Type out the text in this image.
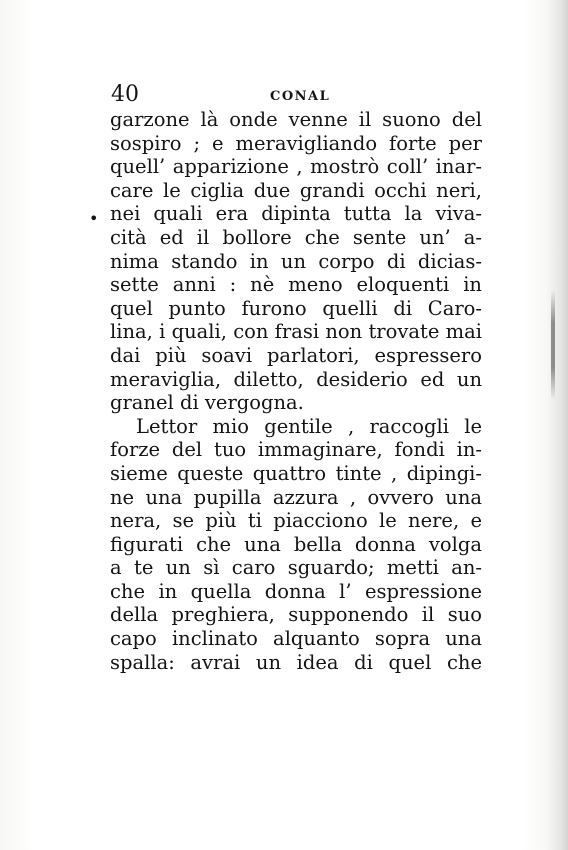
40	CONAL
•
garzone là onde venne il suono del
sospiro ; e meravigliando forte per
quell’ apparizione , mostrò coll’ inar-
care le ciglia due grandi occhi neri,
nei quali era dipinta tutta la viva-
cità ed il bollore che sente un’ a-
nima stando in un corpo di dicias-
sette anni : nè meno eloquenti in
quel punto furono quelli di Caro-
lina, i quali, con frasi non trovate mai
dai più soavi parlatori, espressero
meraviglia, diletto, desiderio ed un
granel di vergogna.
Lettor mio gentile , raccogli le
forze del tuo immaginare, fondi in-
sieme queste quattro tinte , dipingi-
ne una pupilla azzura , ovvero una
nera, se più ti piacciono le nere, e
figurati che una bella donna volga
a te un sì caro sguardo; metti an-
che in quella donna l’ espressione
della preghiera, supponendo il suo
capo inclinato alquanto sopra una
spalla: avrai un idea di quel che
